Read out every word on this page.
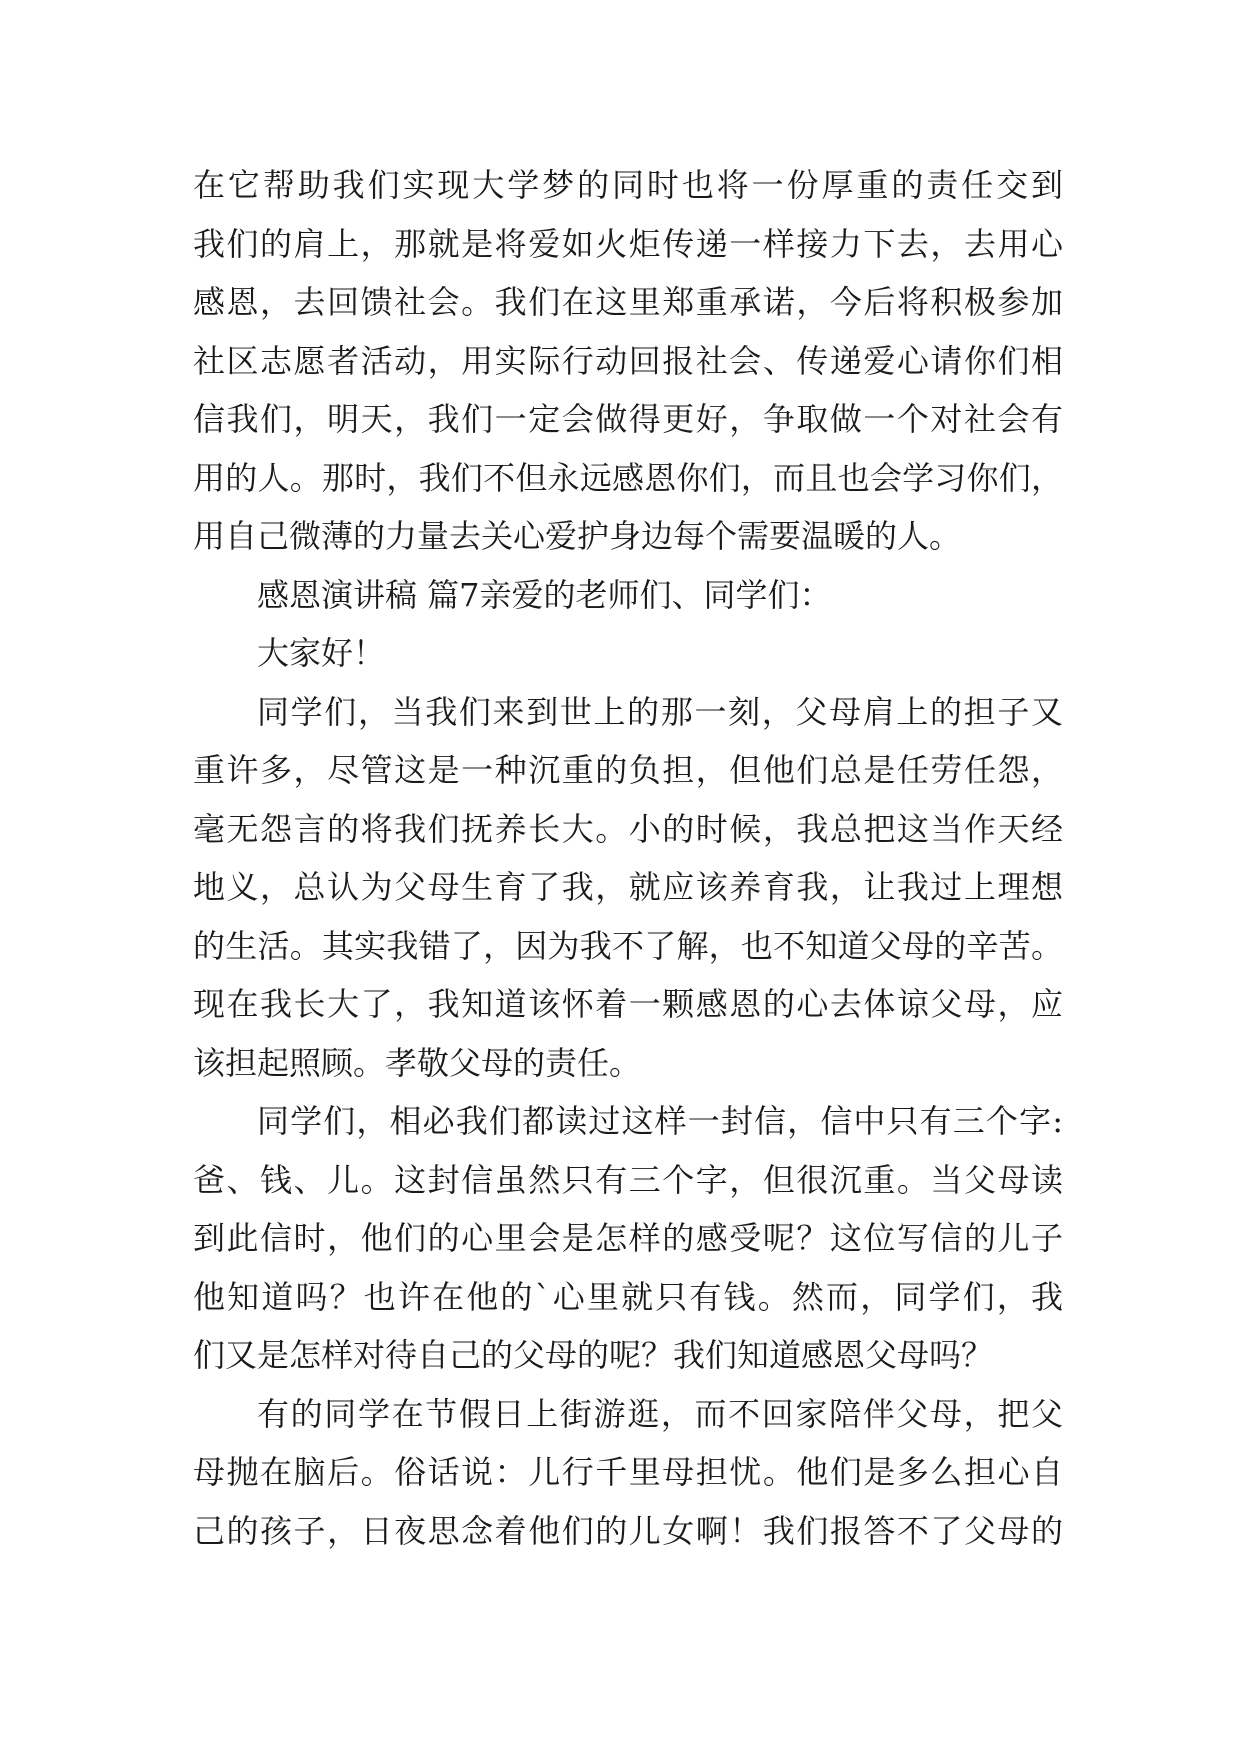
在它帮助我们实现大学梦的同时也将一份厚重的责任交到
我们的肩上，那就是将爱如火炬传递一样接力下去，去用心
感恩，去回馈社会。我们在这里郑重承诺，今后将积极参加
社区志愿者活动，用实际行动回报社会、传递爱心请你们相
信我们，明天，我们一定会做得更好，争取做一个对社会有
用的人。那时，我们不但永远感恩你们，而且也会学习你们，
用自己微薄的力量去关心爱护身边每个需要温暖的人。
感恩演讲稿 篇7亲爱的老师们、同学们：
大家好！
同学们，当我们来到世上的那一刻，父母肩上的担子又
重许多，尽管这是一种沉重的负担，但他们总是任劳任怨，
毫无怨言的将我们抚养长大。小的时候，我总把这当作天经
地义，总认为父母生育了我，就应该养育我，让我过上理想
的生活。其实我错了，因为我不了解，也不知道父母的辛苦。
现在我长大了，我知道该怀着一颗感恩的心去体谅父母，应
该担起照顾。孝敬父母的责任。
同学们，相必我们都读过这样一封信，信中只有三个字:
爸、钱、儿。这封信虽然只有三个字，但很沉重。当父母读
到此信时，他们的心里会是怎样的感受呢？这位写信的儿子
他知道吗？也许在他的`心里就只有钱。然而，同学们，我
们又是怎样对待自己的父母的呢？我们知道感恩父母吗？
有的同学在节假日上街游逛，而不回家陪伴父母，把父
母抛在脑后。俗话说：儿行千里母担忧。他们是多么担心自
己的孩子，日夜思念着他们的儿女啊！我们报答不了父母的
